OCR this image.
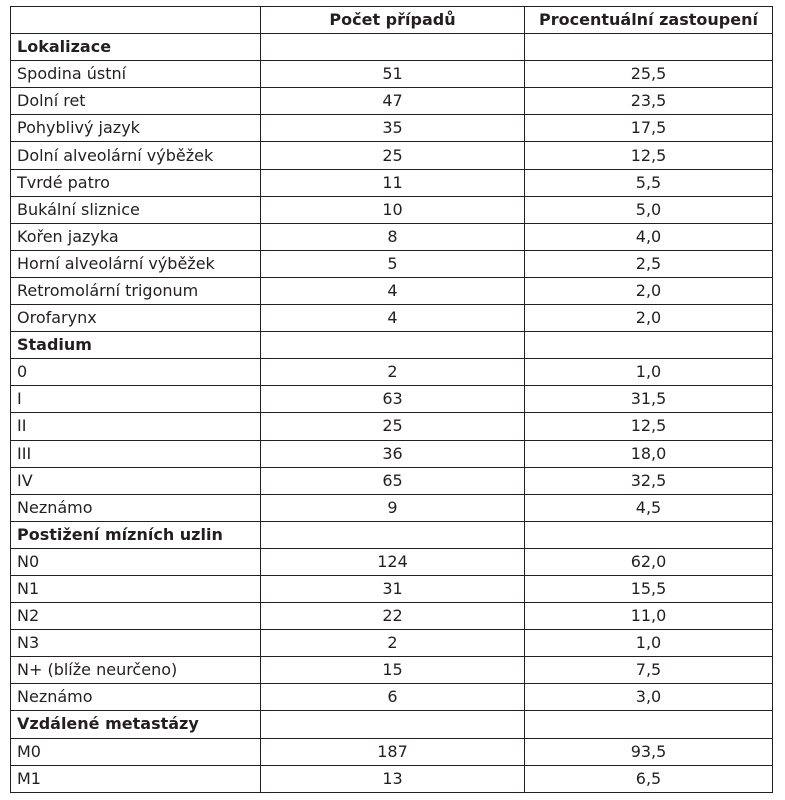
	Počet případů	Procentuální zastoupení
Lokalizace		
Spodina ústní	51	25,5
Dolní ret	47	23,5
Pohyblivý jazyk	35	17,5
Dolní alveolární výběžek	25	12,5
Tvrdé patro	11	5,5
Bukální sliznice	10	5,0
Kořen jazyka	8	4,0
Horní alveolární výběžek	5	2,5
Retromolární trigonum	4	2,0
Orofarynx	4	2,0
Stadium		
0	2	1,0
I	63	31,5
II	25	12,5
III	36	18,0
IV	65	32,5
Neznámo	9	4,5
Postižení mízních uzlin		
N0	124	62,0
N1	31	15,5
N2	22	11,0
N3	2	1,0
N+ (blíže neurčeno)	15	7,5
Neznámo	6	3,0
Vzdálené metastázy		
M0	187	93,5
M1	13	6,5
